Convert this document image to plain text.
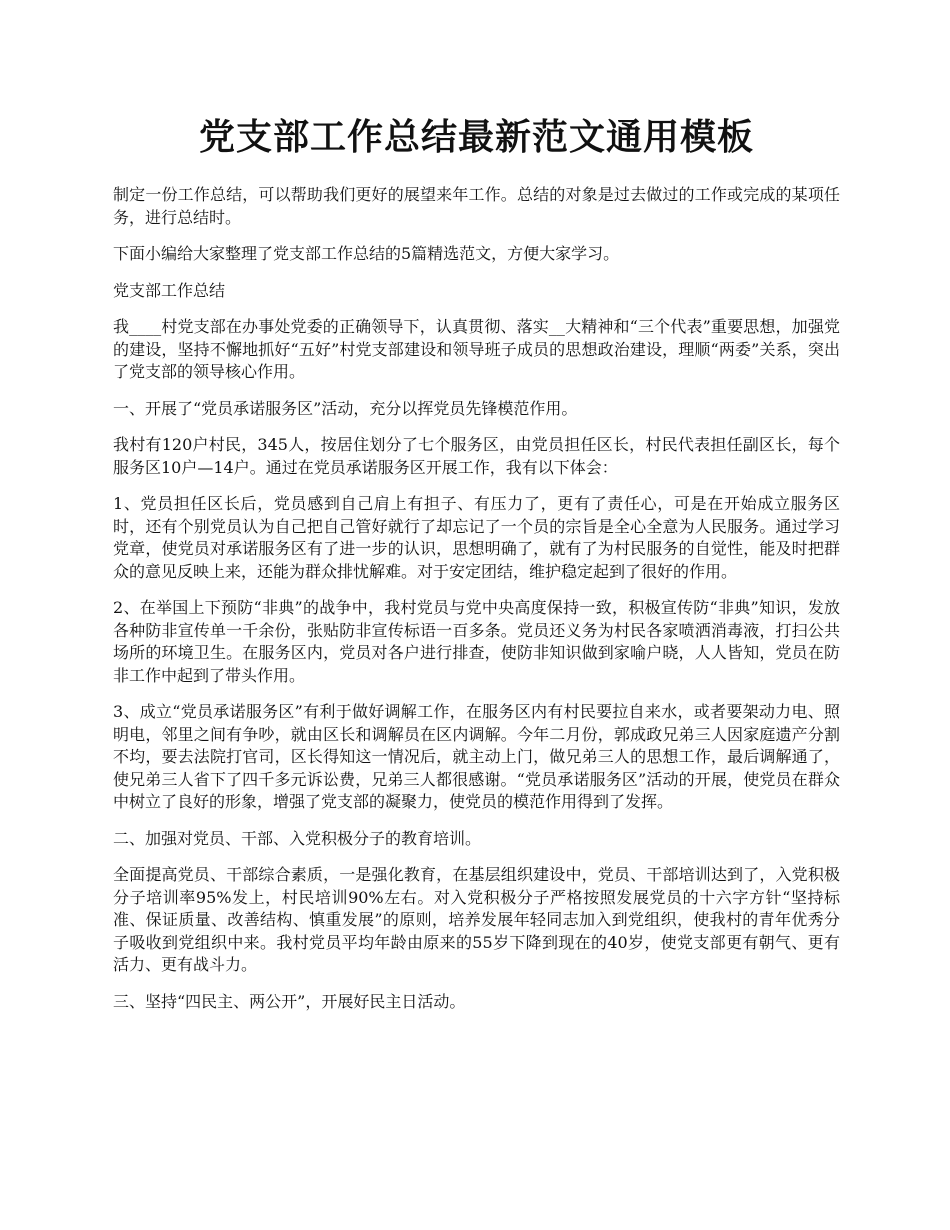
党支部工作总结最新范文通用模板

制定一份工作总结，可以帮助我们更好的展望来年工作。总结的对象是过去做过的工作或完成的某项任务，进行总结时。

下面小编给大家整理了党支部工作总结的5篇精选范文，方便大家学习。

党支部工作总结

我____村党支部在办事处党委的正确领导下，认真贯彻、落实__大精神和“三个代表”重要思想，加强党的建设，坚持不懈地抓好“五好”村党支部建设和领导班子成员的思想政治建设，理顺“两委”关系，突出了党支部的领导核心作用。

一、开展了“党员承诺服务区”活动，充分以挥党员先锋模范作用。

我村有120户村民，345人，按居住划分了七个服务区，由党员担任区长，村民代表担任副区长，每个服务区10户—14户。通过在党员承诺服务区开展工作，我有以下体会：

1、党员担任区长后，党员感到自己肩上有担子、有压力了，更有了责任心，可是在开始成立服务区时，还有个别党员认为自己把自己管好就行了却忘记了一个员的宗旨是全心全意为人民服务。通过学习党章，使党员对承诺服务区有了进一步的认识，思想明确了，就有了为村民服务的自觉性，能及时把群众的意见反映上来，还能为群众排忧解难。对于安定团结，维护稳定起到了很好的作用。

2、在举国上下预防“非典”的战争中，我村党员与党中央高度保持一致，积极宣传防“非典”知识，发放各种防非宣传单一千余份，张贴防非宣传标语一百多条。党员还义务为村民各家喷洒消毒液，打扫公共场所的环境卫生。在服务区内，党员对各户进行排查，使防非知识做到家喻户晓，人人皆知，党员在防非工作中起到了带头作用。

3、成立“党员承诺服务区”有利于做好调解工作，在服务区内有村民要拉自来水，或者要架动力电、照明电，邻里之间有争吵，就由区长和调解员在区内调解。今年二月份，郭成政兄弟三人因家庭遗产分割不均，要去法院打官司，区长得知这一情况后，就主动上门，做兄弟三人的思想工作，最后调解通了，使兄弟三人省下了四千多元诉讼费，兄弟三人都很感谢。“党员承诺服务区”活动的开展，使党员在群众中树立了良好的形象，增强了党支部的凝聚力，使党员的模范作用得到了发挥。

二、加强对党员、干部、入党积极分子的教育培训。

全面提高党员、干部综合素质，一是强化教育，在基层组织建设中，党员、干部培训达到了，入党积极分子培训率95%发上，村民培训90%左右。对入党积极分子严格按照发展党员的十六字方针“坚持标准、保证质量、改善结构、慎重发展”的原则，培养发展年轻同志加入到党组织，使我村的青年优秀分子吸收到党组织中来。我村党员平均年龄由原来的55岁下降到现在的40岁，使党支部更有朝气、更有活力、更有战斗力。

三、坚持“四民主、两公开”，开展好民主日活动。
